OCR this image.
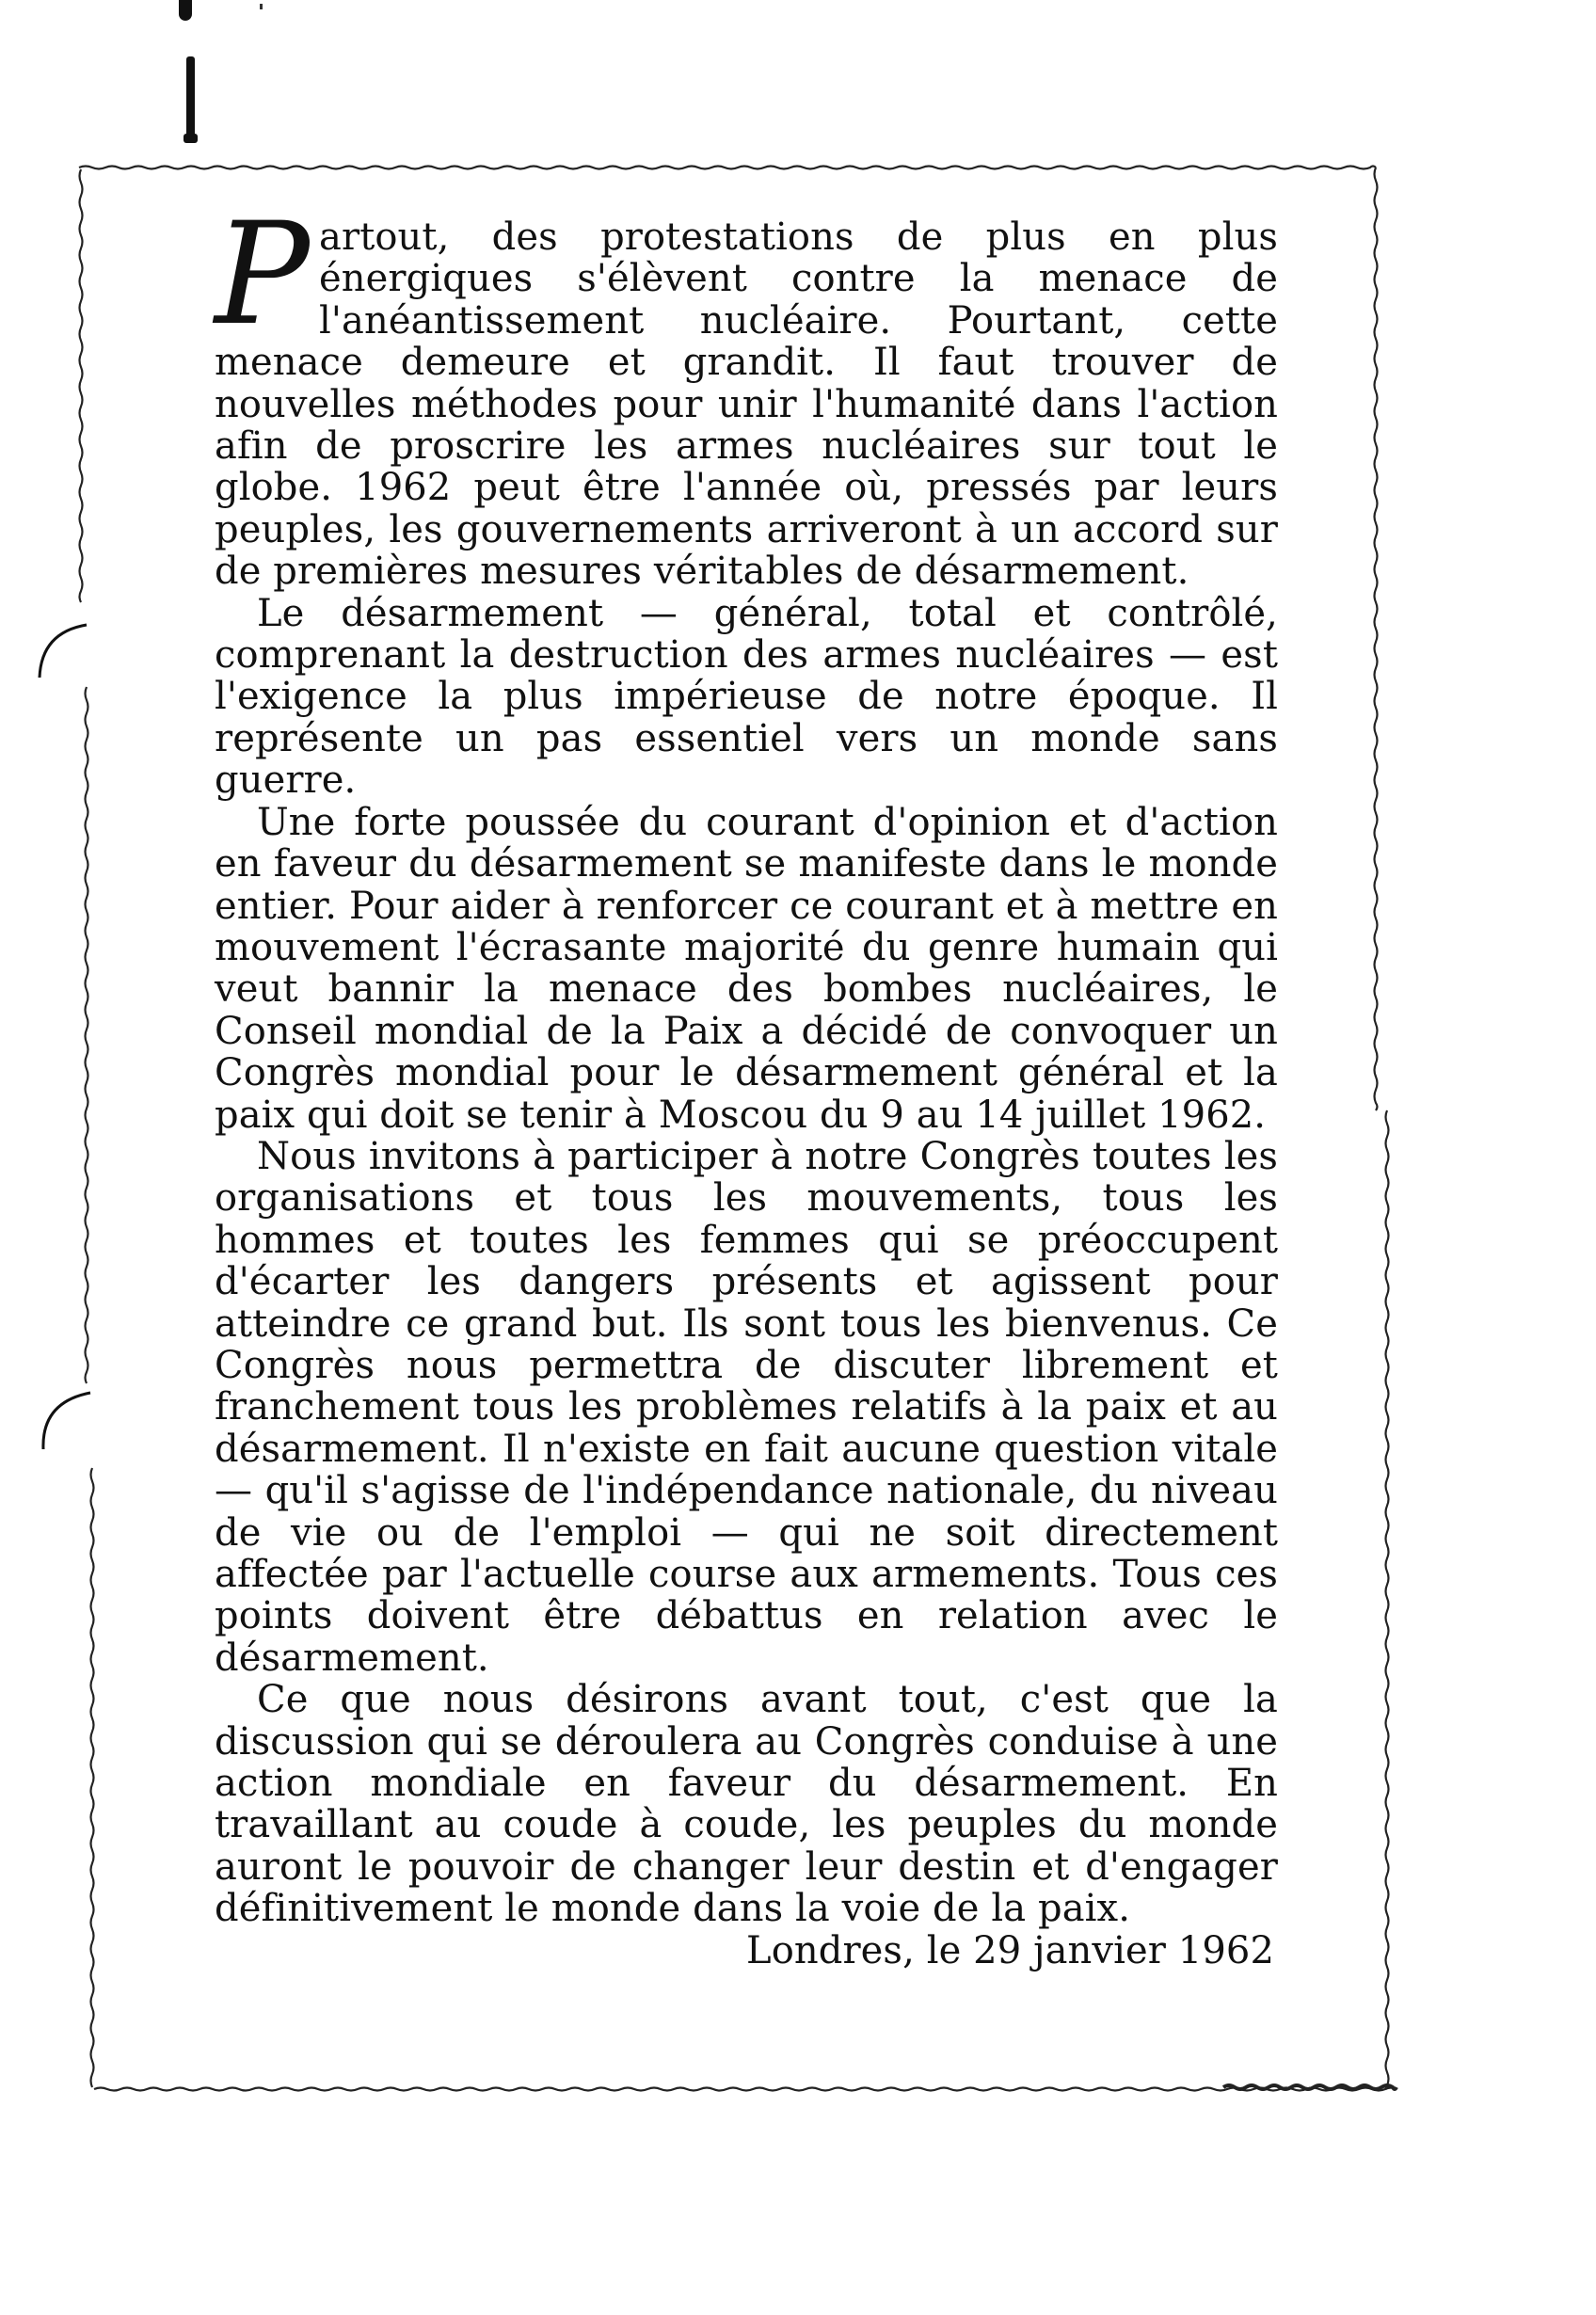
Partout, des protestations de plus en plus énergiques s'élèvent contre la menace de l'anéantissement nucléaire. Pourtant, cette menace demeure et grandit. Il faut trouver de nouvelles méthodes pour unir l'humanité dans l'action afin de proscrire les armes nucléaires sur tout le globe. 1962 peut être l'année où, pressés par leurs peuples, les gouvernements arriveront à un accord sur de premières mesures véritables de désarmement.

Le désarmement — général, total et contrôlé, comprenant la destruction des armes nucléaires — est l'exigence la plus impérieuse de notre époque. Il représente un pas essentiel vers un monde sans guerre.

Une forte poussée du courant d'opinion et d'action en faveur du désarmement se manifeste dans le monde entier. Pour aider à renforcer ce courant et à mettre en mouvement l'écrasante majorité du genre humain qui veut bannir la menace des bombes nucléaires, le Conseil mondial de la Paix a décidé de convoquer un Congrès mondial pour le désarmement général et la paix qui doit se tenir à Moscou du 9 au 14 juillet 1962.

Nous invitons à participer à notre Congrès toutes les organisations et tous les mouvements, tous les hommes et toutes les femmes qui se préoccupent d'écarter les dangers présents et agissent pour atteindre ce grand but. Ils sont tous les bienvenus. Ce Congrès nous permettra de discuter librement et franchement tous les problèmes relatifs à la paix et au désarmement. Il n'existe en fait aucune question vitale — qu'il s'agisse de l'indépendance nationale, du niveau de vie ou de l'emploi — qui ne soit directement affectée par l'actuelle course aux armements. Tous ces points doivent être débattus en relation avec le désarmement.

Ce que nous désirons avant tout, c'est que la discussion qui se déroulera au Congrès conduise à une action mondiale en faveur du désarmement. En travaillant au coude à coude, les peuples du monde auront le pouvoir de changer leur destin et d'engager définitivement le monde dans la voie de la paix.

Londres, le 29 janvier 1962
